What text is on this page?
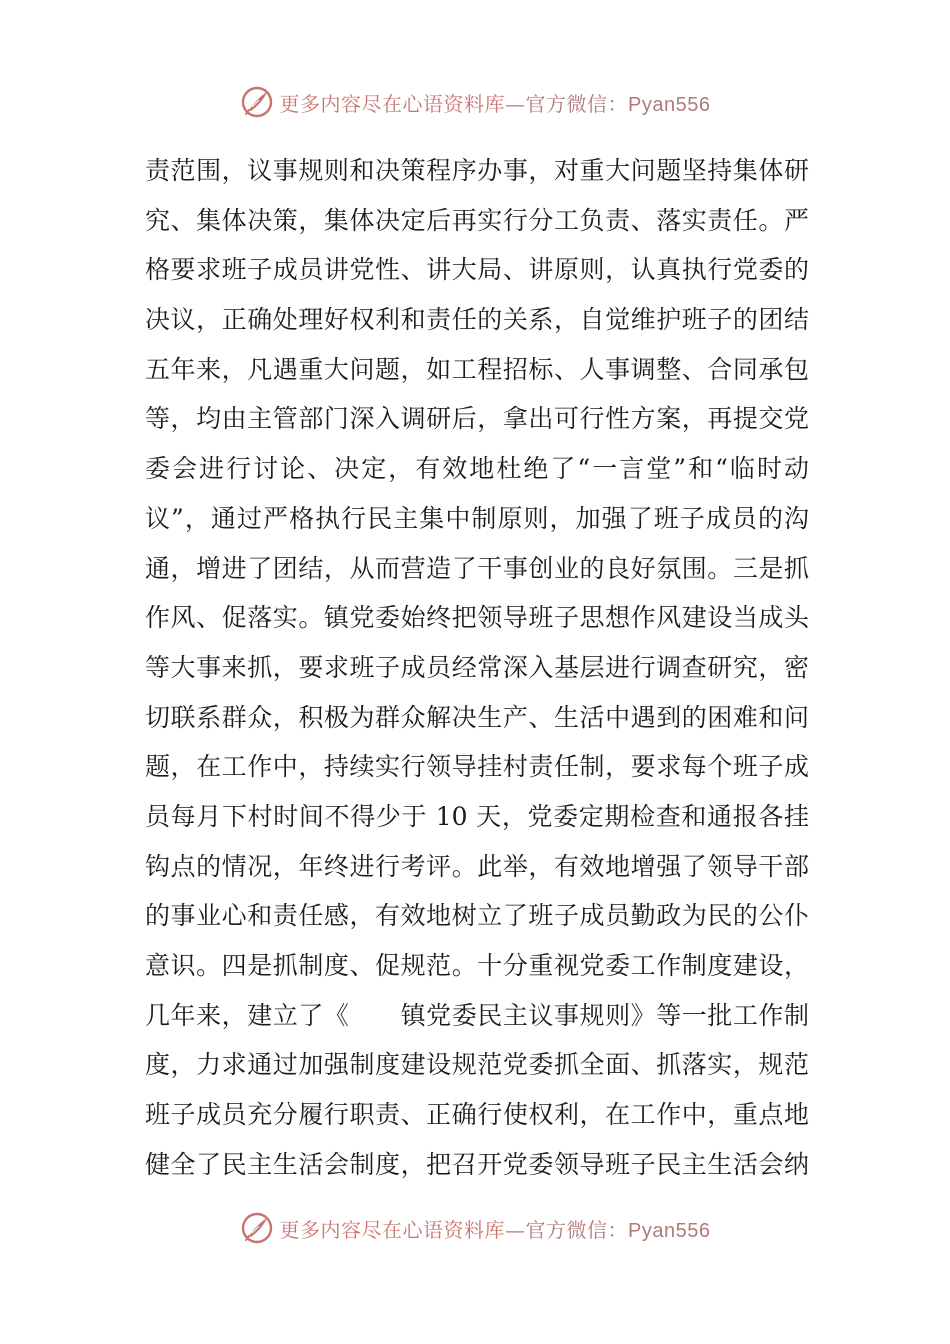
更多内容尽在心语资料库—官方微信：Pyan556
责范围，议事规则和决策程序办事，对重大问题坚持集体研
究、集体决策，集体决定后再实行分工负责、落实责任。严
格要求班子成员讲党性、讲大局、讲原则，认真执行党委的
决议，正确处理好权利和责任的关系，自觉维护班子的团结
五年来，凡遇重大问题，如工程招标、人事调整、合同承包
等，均由主管部门深入调研后，拿出可行性方案，再提交党
委会进行讨论、决定，有效地杜绝了“一言堂”和“临时动
议”，通过严格执行民主集中制原则，加强了班子成员的沟
通，增进了团结，从而营造了干事创业的良好氛围。三是抓
作风、促落实。镇党委始终把领导班子思想作风建设当成头
等大事来抓，要求班子成员经常深入基层进行调查研究，密
切联系群众，积极为群众解决生产、生活中遇到的困难和问
题，在工作中，持续实行领导挂村责任制，要求每个班子成
员每月下村时间不得少于 10 天，党委定期检查和通报各挂
钩点的情况，年终进行考评。此举，有效地增强了领导干部
的事业心和责任感，有效地树立了班子成员勤政为民的公仆
意识。四是抓制度、促规范。十分重视党委工作制度建设，
几年来，建立了《　　镇党委民主议事规则》等一批工作制
度，力求通过加强制度建设规范党委抓全面、抓落实，规范
班子成员充分履行职责、正确行使权利，在工作中，重点地
健全了民主生活会制度，把召开党委领导班子民主生活会纳
更多内容尽在心语资料库—官方微信：Pyan556
